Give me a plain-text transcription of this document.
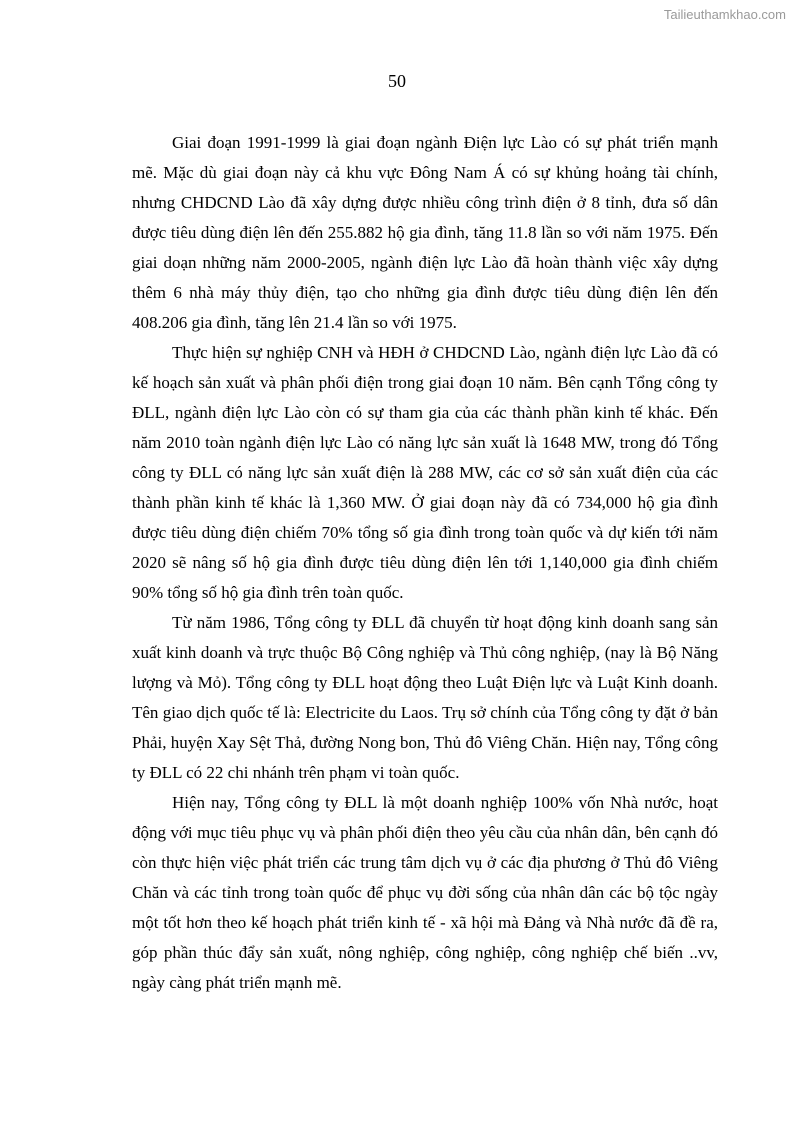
Tailieuthamkhao.com
50

Giai đoạn 1991-1999 là giai đoạn ngành Điện lực Lào có sự phát triển mạnh mẽ. Mặc dù giai đoạn này cả khu vực Đông Nam Á có sự khủng hoảng tài chính, nhưng CHDCND Lào đã xây dựng được nhiều công trình điện ở 8 tỉnh, đưa số dân được tiêu dùng điện lên đến 255.882 hộ gia đình, tăng 11.8 lần so với năm 1975. Đến giai doạn những năm 2000-2005, ngành điện lực Lào đã hoàn thành việc xây dựng thêm 6 nhà máy thủy điện, tạo cho những gia đình được tiêu dùng điện lên đến 408.206 gia đình, tăng lên 21.4 lần so với 1975.

Thực hiện sự nghiệp CNH và HĐH ở CHDCND Lào, ngành điện lực Lào đã có kế hoạch sản xuất và phân phối điện trong giai đoạn 10 năm. Bên cạnh Tổng công ty ĐLL, ngành điện lực Lào còn có sự tham gia của các thành phần kinh tế khác. Đến năm 2010 toàn ngành điện lực Lào có năng lực sản xuất là 1648 MW, trong đó Tổng công ty ĐLL có năng lực sản xuất điện là 288 MW, các cơ sở sản xuất điện của các thành phần kinh tế khác là 1,360 MW. Ở giai đoạn này đã có 734,000 hộ gia đình được tiêu dùng điện chiếm 70% tổng số gia đình trong toàn quốc và dự kiến tới năm 2020 sẽ nâng số hộ gia đình được tiêu dùng điện lên tới 1,140,000 gia đình chiếm 90% tổng số hộ gia đình trên toàn quốc.

Từ năm 1986, Tổng công ty ĐLL đã chuyển từ hoạt động kinh doanh sang sản xuất kinh doanh và trực thuộc Bộ Công nghiệp và Thủ công nghiệp, (nay là Bộ Năng lượng và Mỏ). Tổng công ty ĐLL hoạt động theo Luật Điện lực và Luật Kinh doanh. Tên giao dịch quốc tế là: Electricite du Laos. Trụ sở chính của Tổng công ty đặt ở bản Phải, huyện Xay Sệt Thả, đường Nong bon, Thủ đô Viêng Chăn. Hiện nay, Tổng công ty ĐLL có 22 chi nhánh trên phạm vi toàn quốc.

Hiện nay, Tổng công ty ĐLL là một doanh nghiệp 100% vốn Nhà nước, hoạt động với mục tiêu phục vụ và phân phối điện theo yêu cầu của nhân dân, bên cạnh đó còn thực hiện việc phát triển các trung tâm dịch vụ ở các địa phương ở Thủ đô Viêng Chăn và các tỉnh trong toàn quốc để phục vụ đời sống của nhân dân các bộ tộc ngày một tốt hơn theo kế hoạch phát triển kinh tế - xã hội mà Đảng và Nhà nước đã đề ra, góp phần thúc đẩy sản xuất, nông nghiệp, công nghiệp, công nghiệp chế biến ..vv, ngày càng phát triển mạnh mẽ.
